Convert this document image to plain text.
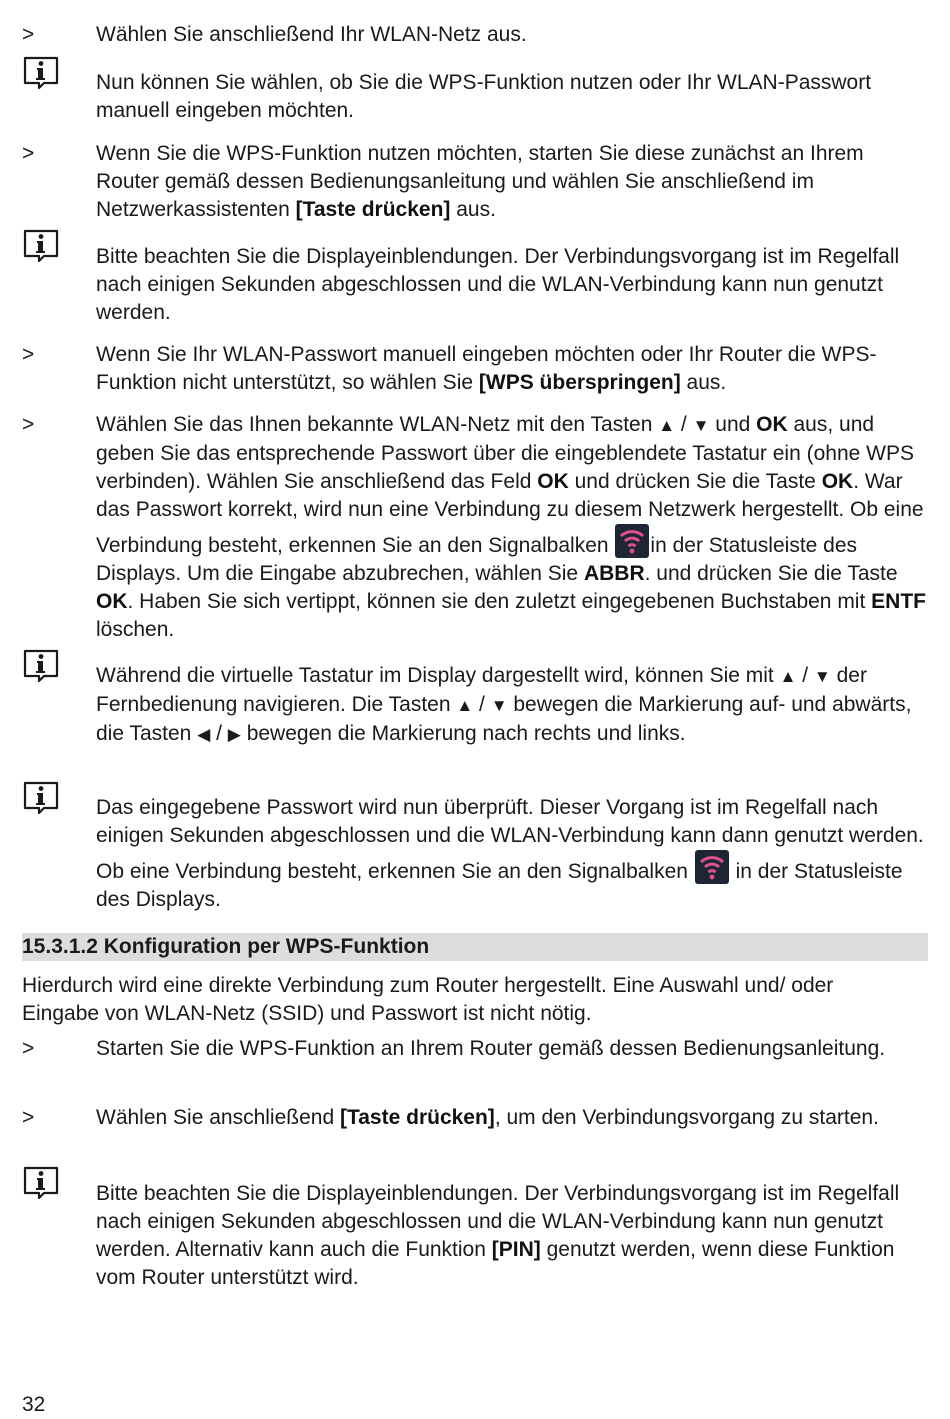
>	Wählen Sie anschließend Ihr WLAN-Netz aus.
Nun können Sie wählen, ob Sie die WPS-Funktion nutzen oder Ihr WLAN-Passwort manuell eingeben möchten.
>	Wenn Sie die WPS-Funktion nutzen möchten, starten Sie diese zunächst an Ihrem Router gemäß dessen Bedienungsanleitung und wählen Sie anschließend im Netzwerkassistenten [Taste drücken] aus.
Bitte beachten Sie die Displayeinblendungen. Der Verbindungsvorgang ist im Regelfall nach einigen Sekunden abgeschlossen und die WLAN-Verbindung kann nun genutzt werden.
>	Wenn Sie Ihr WLAN-Passwort manuell eingeben möchten oder Ihr Router die WPS-Funktion nicht unterstützt, so wählen Sie [WPS überspringen] aus.
>	Wählen Sie das Ihnen bekannte WLAN-Netz mit den Tasten ▲ / ▼ und OK aus, und geben Sie das entsprechende Passwort über die eingeblendete Tastatur ein (ohne WPS verbinden). Wählen Sie anschließend das Feld OK und drücken Sie die Taste OK. War das Passwort korrekt, wird nun eine Verbindung zu diesem Netzwerk hergestellt. Ob eine Verbindung besteht, erkennen Sie an den Signalbalken in der Statusleiste des Displays. Um die Eingabe abzubrechen, wählen Sie ABBR. und drücken Sie die Taste OK. Haben Sie sich vertippt, können sie den zuletzt eingegebenen Buchstaben mit ENTF löschen.
Während die virtuelle Tastatur im Display dargestellt wird, können Sie mit ▲ / ▼ der Fernbedienung navigieren. Die Tasten ▲ / ▼ bewegen die Markierung auf- und abwärts, die Tasten ◀ / ▶ bewegen die Markierung nach rechts und links.
Das eingegebene Passwort wird nun überprüft. Dieser Vorgang ist im Regelfall nach einigen Sekunden abgeschlossen und die WLAN-Verbindung kann dann genutzt werden. Ob eine Verbindung besteht, erkennen Sie an den Signalbalken  in der Statusleiste des Displays.
15.3.1.2 Konfiguration per WPS-Funktion
Hierdurch wird eine direkte Verbindung zum Router hergestellt. Eine Auswahl und/ oder Eingabe von WLAN-Netz (SSID) und Passwort ist nicht nötig.
>	Starten Sie die WPS-Funktion an Ihrem Router gemäß dessen Bedienungsanleitung.
>	Wählen Sie anschließend [Taste drücken], um den Verbindungsvorgang zu starten.
Bitte beachten Sie die Displayeinblendungen. Der Verbindungsvorgang ist im Regelfall nach einigen Sekunden abgeschlossen und die WLAN-Verbindung kann nun genutzt werden. Alternativ kann auch die Funktion [PIN] genutzt werden, wenn diese Funktion vom Router unterstützt wird.
32
